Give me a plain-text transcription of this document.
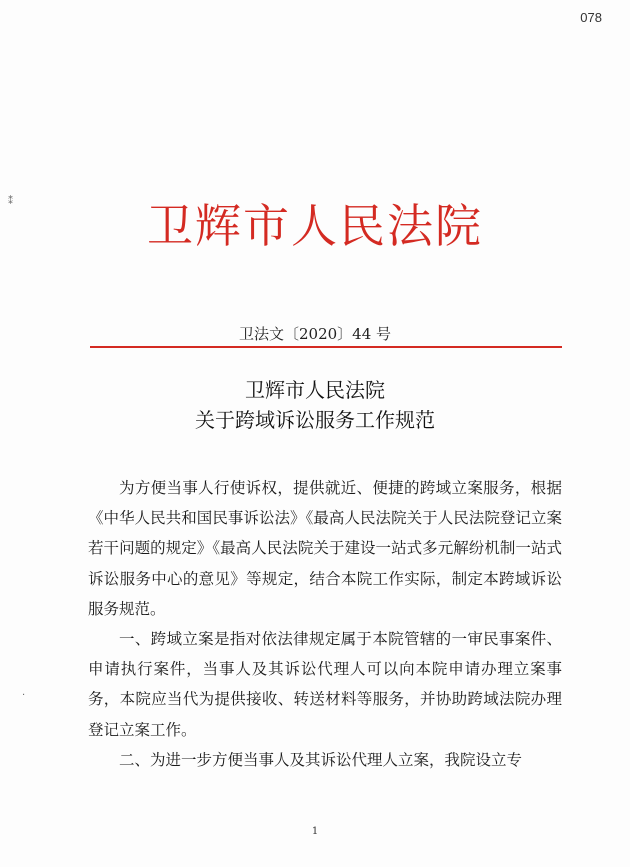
078
⁑
·
卫辉市人民法院
卫法文〔2020〕44 号
卫辉市人民法院
关于跨域诉讼服务工作规范

为方便当事人行使诉权，提供就近、便捷的跨域立案服务，根据《中华人民共和国民事诉讼法》《最高人民法院关于人民法院登记立案若干问题的规定》《最高人民法院关于建设一站式多元解纷机制一站式诉讼服务中心的意见》等规定，结合本院工作实际，制定本跨域诉讼服务规范。

一、跨域立案是指对依法律规定属于本院管辖的一审民事案件、申请执行案件，当事人及其诉讼代理人可以向本院申请办理立案事务，本院应当代为提供接收、转送材料等服务，并协助跨域法院办理登记立案工作。

二、为进一步方便当事人及其诉讼代理人立案，我院设立专

1
